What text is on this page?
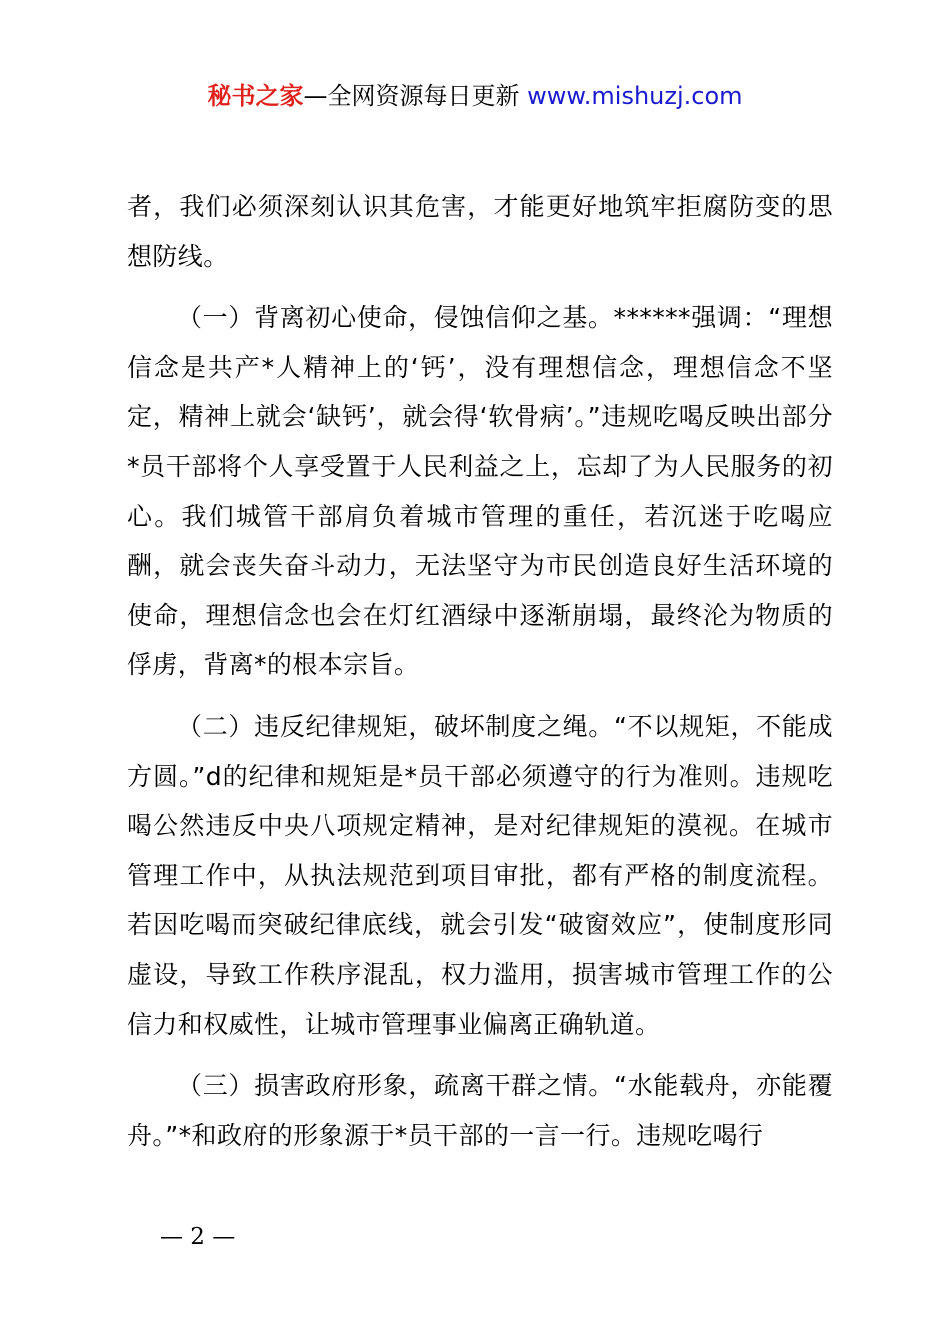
秘书之家—全网资源每日更新 www.mishuzj.com

者，我们必须深刻认识其危害，才能更好地筑牢拒腐防变的思想防线。

（一）背离初心使命，侵蚀信仰之基。******强调：“理想信念是共产*人精神上的‘钙’，没有理想信念，理想信念不坚定，精神上就会‘缺钙’，就会得‘软骨病’。”违规吃喝反映出部分*员干部将个人享受置于人民利益之上，忘却了为人民服务的初心。我们城管干部肩负着城市管理的重任，若沉迷于吃喝应酬，就会丧失奋斗动力，无法坚守为市民创造良好生活环境的使命，理想信念也会在灯红酒绿中逐渐崩塌，最终沦为物质的俘虏，背离*的根本宗旨。

（二）违反纪律规矩，破坏制度之绳。“不以规矩，不能成方圆。”d的纪律和规矩是*员干部必须遵守的行为准则。违规吃喝公然违反中央八项规定精神，是对纪律规矩的漠视。在城市管理工作中，从执法规范到项目审批，都有严格的制度流程。若因吃喝而突破纪律底线，就会引发“破窗效应”，使制度形同虚设，导致工作秩序混乱，权力滥用，损害城市管理工作的公信力和权威性，让城市管理事业偏离正确轨道。

（三）损害政府形象，疏离干群之情。“水能载舟，亦能覆舟。”*和政府的形象源于*员干部的一言一行。违规吃喝行

— 2 —
